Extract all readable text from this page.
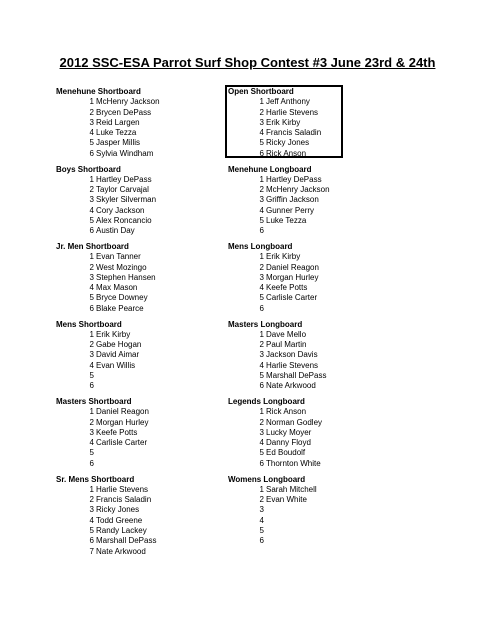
2012 SSC-ESA Parrot Surf Shop Contest #3 June 23rd & 24th
Menehune Shortboard
1 McHenry Jackson
2 Brycen DePass
3 Reid Largen
4 Luke Tezza
5 Jasper Millis
6 Sylvia Windham
Boys Shortboard
1 Hartley DePass
2 Taylor Carvajal
3 Skyler Silverman
4 Cory Jackson
5 Alex Roncancio
6 Austin Day
Jr. Men Shortboard
1 Evan Tanner
2 West Mozingo
3 Stephen Hansen
4 Max Mason
5 Bryce Downey
6 Blake Pearce
Mens Shortboard
1 Erik Kirby
2 Gabe Hogan
3 David Aimar
4 Evan Willis
5
6
Masters Shortboard
1 Daniel Reagon
2 Morgan Hurley
3 Keefe Potts
4 Carlisle Carter
5
6
Sr. Mens Shortboard
1 Harlie Stevens
2 Francis Saladin
3 Ricky Jones
4 Todd Greene
5 Randy Lackey
6 Marshall DePass
7 Nate Arkwood
Open Shortboard
1 Jeff Anthony
2 Harlie Stevens
3 Erik Kirby
4 Francis Saladin
5 Ricky Jones
6 Rick Anson
Menehune Longboard
1 Hartley DePass
2 McHenry Jackson
3 Griffin Jackson
4 Gunner Perry
5 Luke Tezza
6
Mens Longboard
1 Erik Kirby
2 Daniel Reagon
3 Morgan Hurley
4 Keefe Potts
5 Carlisle Carter
6
Masters Longboard
1 Dave Mello
2 Paul Martin
3 Jackson Davis
4 Harlie Stevens
5 Marshall DePass
6 Nate Arkwood
Legends Longboard
1 Rick Anson
2 Norman Godley
3 Lucky Moyer
4 Danny Floyd
5 Ed Boudolf
6 Thornton White
Womens Longboard
1 Sarah Mitchell
2 Evan White
3
4
5
6
